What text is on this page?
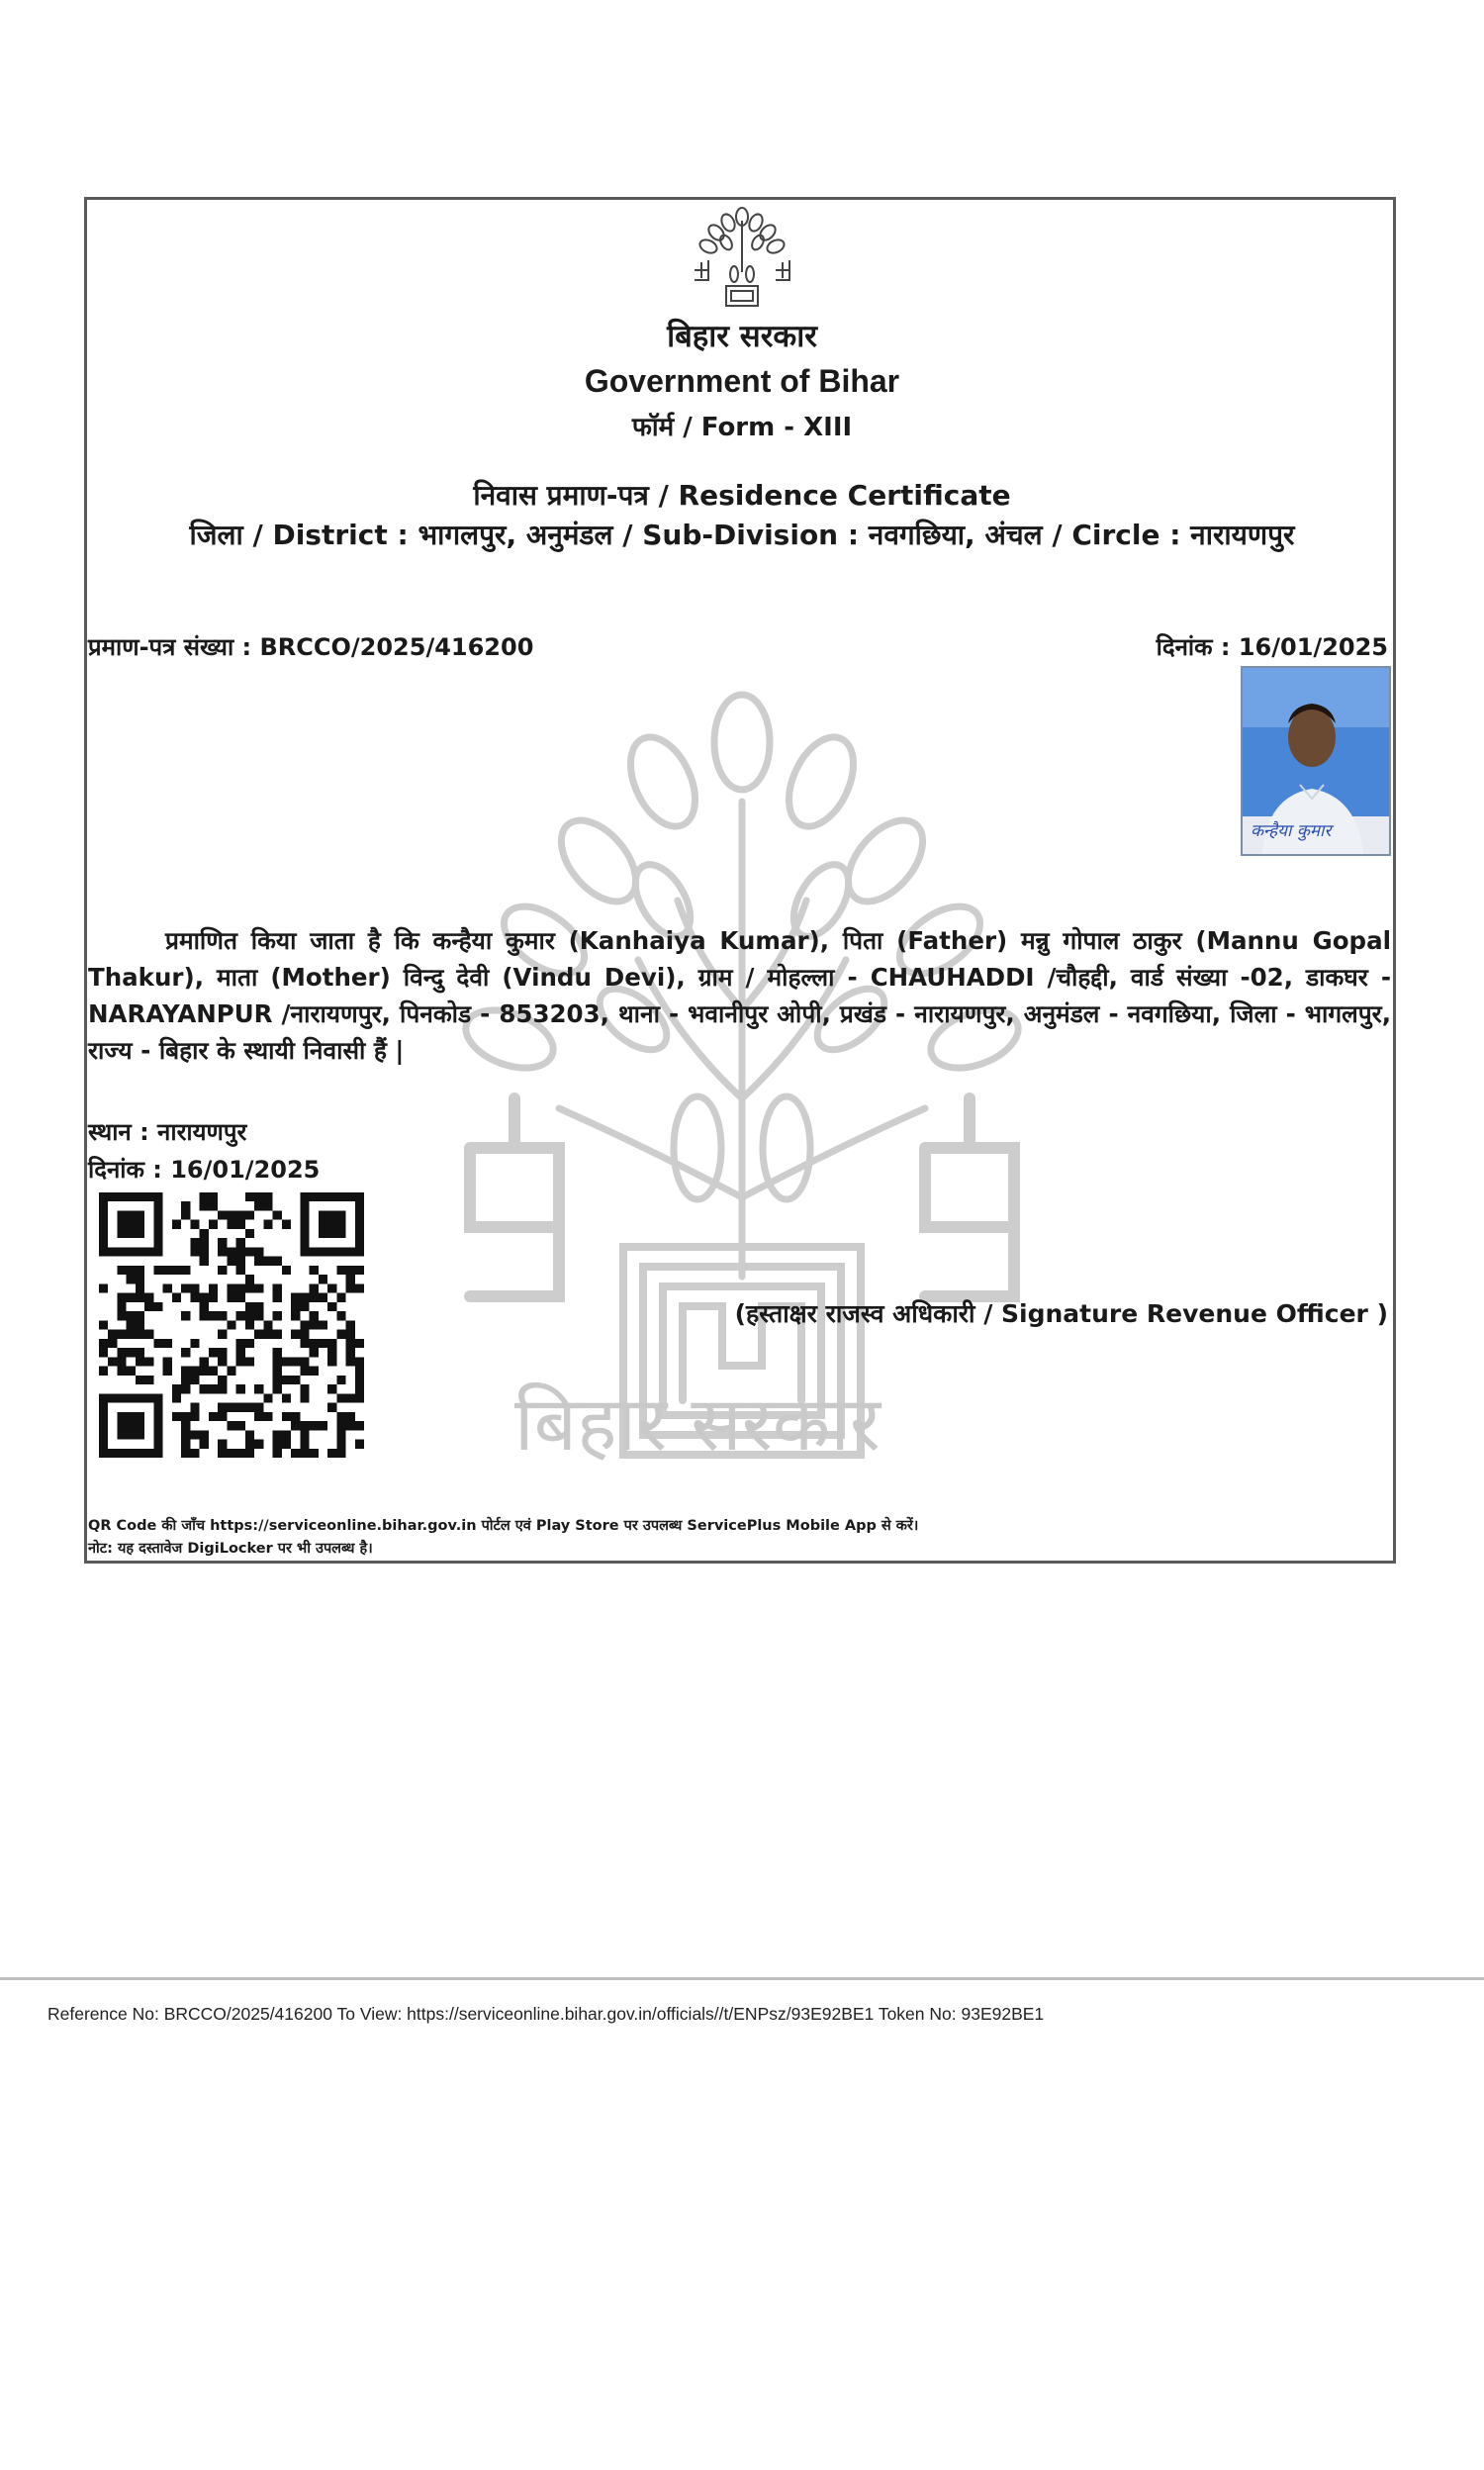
बिहार सरकार
Government of Bihar
फॉर्म / Form - XIII
निवास प्रमाण-पत्र / Residence Certificate
जिला / District : भागलपुर, अनुमंडल / Sub-Division : नवगछिया, अंचल / Circle : नारायणपुर
प्रमाण-पत्र संख्या : BRCCO/2025/416200	दिनांक : 16/01/2025
कन्हैया कुमार
बिहार सरकार
प्रमाणित किया जाता है कि कन्हैया कुमार (Kanhaiya Kumar), पिता (Father) मन्नु गोपाल ठाकुर (Mannu Gopal Thakur), माता (Mother) विन्दु देवी (Vindu Devi), ग्राम / मोहल्ला - CHAUHADDI /चौहद्दी, वार्ड संख्या -02, डाकघर - NARAYANPUR /नारायणपुर, पिनकोड - 853203, थाना - भवानीपुर ओपी, प्रखंड - नारायणपुर, अनुमंडल - नवगछिया, जिला - भागलपुर, राज्य - बिहार के स्थायी निवासी हैं |
स्थान : नारायणपुर
दिनांक : 16/01/2025
(हस्ताक्षर राजस्व अधिकारी / Signature Revenue Officer )
QR Code की जाँच https://serviceonline.bihar.gov.in पोर्टल एवं Play Store पर उपलब्ध ServicePlus Mobile App से करें।
नोट: यह दस्तावेज DigiLocker पर भी उपलब्ध है।
Reference No: BRCCO/2025/416200 To View: https://serviceonline.bihar.gov.in/officials//t/ENPsz/93E92BE1 Token No: 93E92BE1
